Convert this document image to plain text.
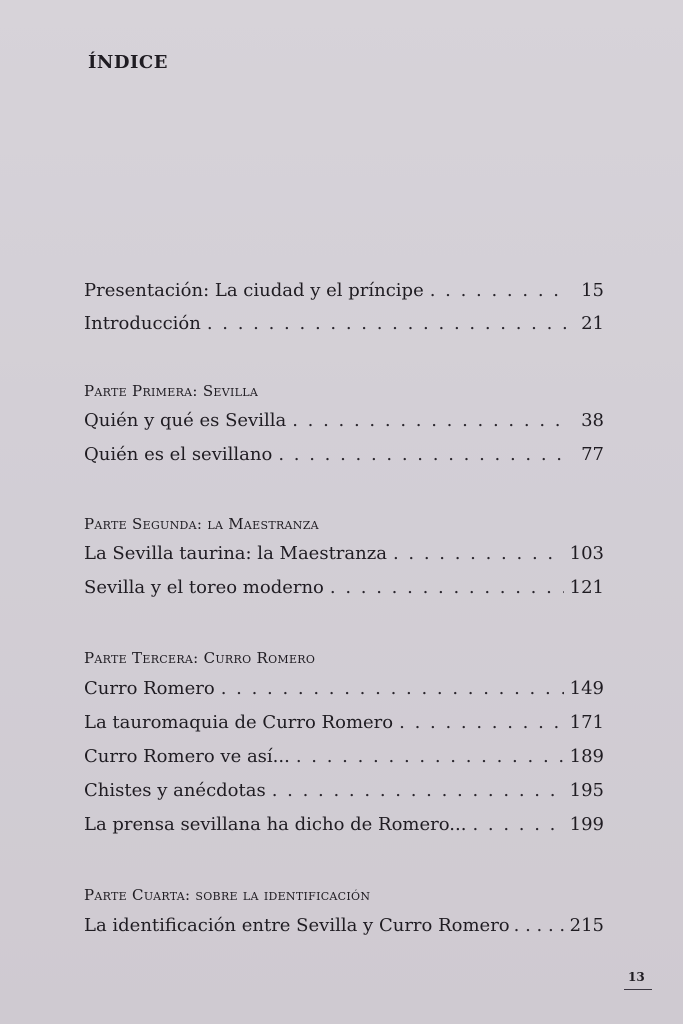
ÍNDICE
Presentación: La ciudad y el príncipe . . .	15
Introducción . . .	21
Parte Primera: Sevilla
Quién y qué es Sevilla . . .	38
Quién es el sevillano . . .	77
Parte Segunda: la Maestranza
La Sevilla taurina: la Maestranza . . .	103
Sevilla y el toreo moderno . . .	121
Parte Tercera: Curro Romero
Curro Romero . . .	149
La tauromaquia de Curro Romero . . .	171
Curro Romero ve así... . . .	189
Chistes y anécdotas . . .	195
La prensa sevillana ha dicho de Romero... . . .	199
Parte Cuarta: sobre la identificación
La identificación entre Sevilla y Curro Romero . . .	215
13
